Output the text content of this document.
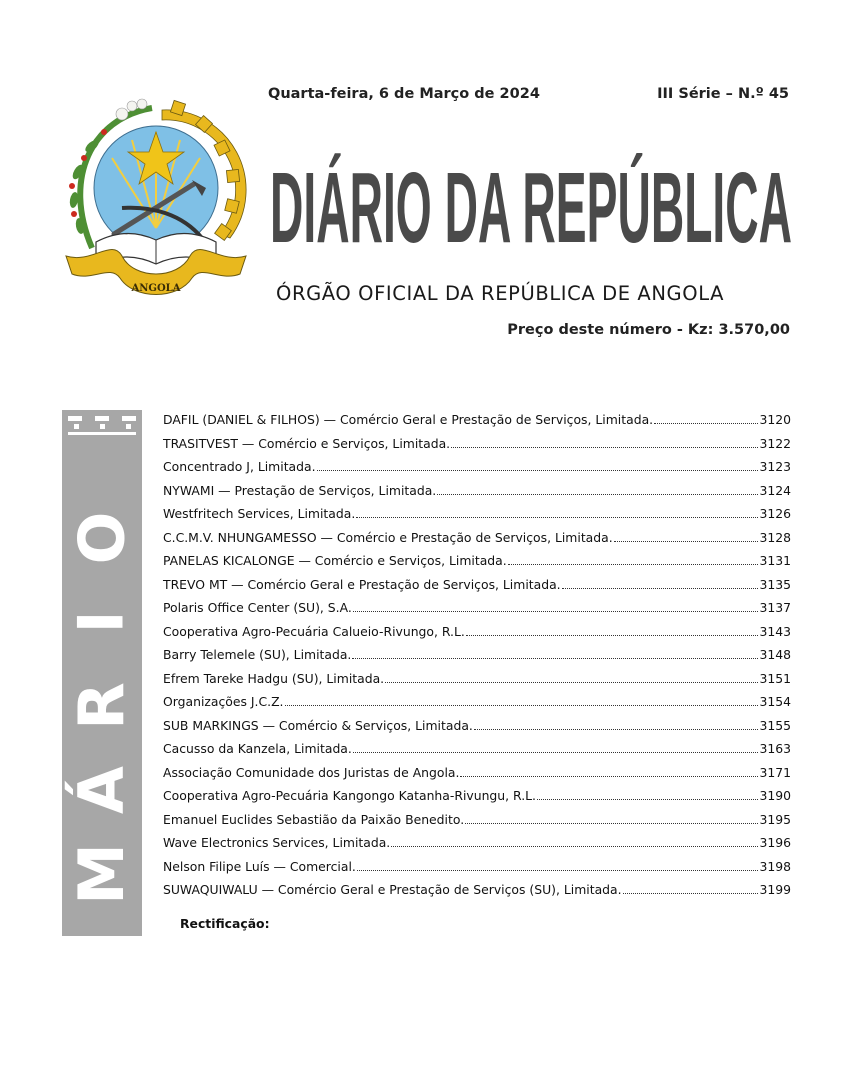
ANGOLA
Quarta-feira, 6 de Março de 2024	III Série – N.º 45
DIÁRIO DA REPÚBLICA
ÓRGÃO OFICIAL DA REPÚBLICA DE ANGOLA
Preço deste número - Kz: 3.570,00
O
I
R
Á
M
U
S
DAFIL (DANIEL & FILHOS) — Comércio Geral e Prestação de Serviços, Limitada.	3120
TRASITVEST — Comércio e Serviços, Limitada.	3122
Concentrado J, Limitada.	3123
NYWAMI — Prestação de Serviços, Limitada.	3124
Westfritech Services, Limitada.	3126
C.C.M.V. NHUNGAMESSO — Comércio e Prestação de Serviços, Limitada.	3128
PANELAS KICALONGE — Comércio e Serviços, Limitada.	3131
TREVO MT — Comércio Geral e Prestação de Serviços, Limitada.	3135
Polaris Office Center (SU), S.A.	3137
Cooperativa Agro-Pecuária Calueio-Rivungo, R.L.	3143
Barry Telemele (SU), Limitada.	3148
Efrem Tareke Hadgu (SU), Limitada.	3151
Organizações J.C.Z.	3154
SUB MARKINGS — Comércio & Serviços, Limitada.	3155
Cacusso da Kanzela, Limitada.	3163
Associação Comunidade dos Juristas de Angola.	3171
Cooperativa Agro-Pecuária Kangongo Katanha-Rivungu, R.L.	3190
Emanuel Euclides Sebastião da Paixão Benedito.	3195
Wave Electronics Services, Limitada.	3196
Nelson Filipe Luís — Comercial.	3198
SUWAQUIWALU — Comércio Geral e Prestação de Serviços (SU), Limitada.	3199
Rectificação:
